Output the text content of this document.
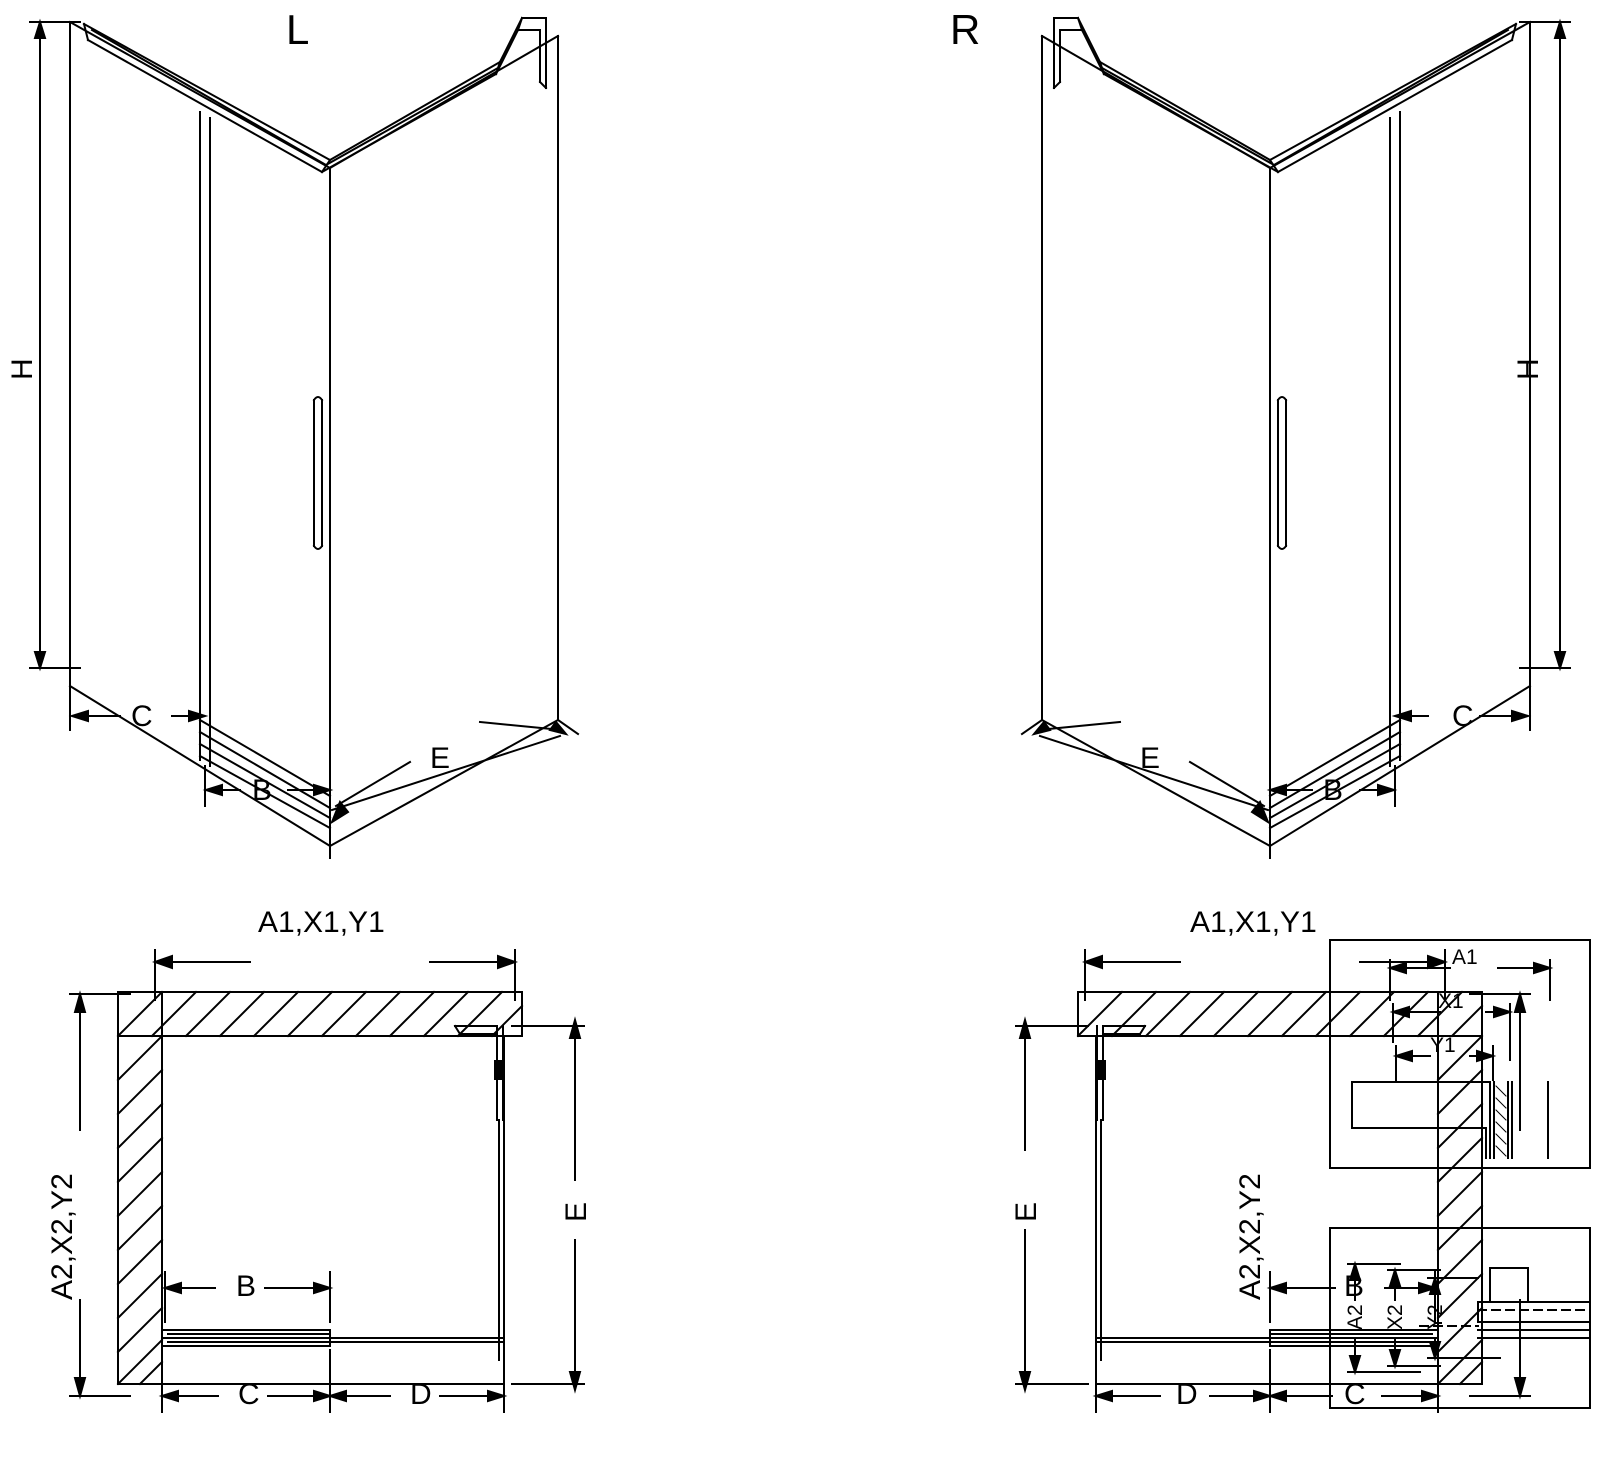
L	R
H	H
C
B
E
C
B
E
A1,X1,Y1	A1,X1,Y1
A2,X2,Y2	A2,X2,Y2
E	E
B	B
C	D	C
D
A1
X1
Y1
A2 X2 Y2
